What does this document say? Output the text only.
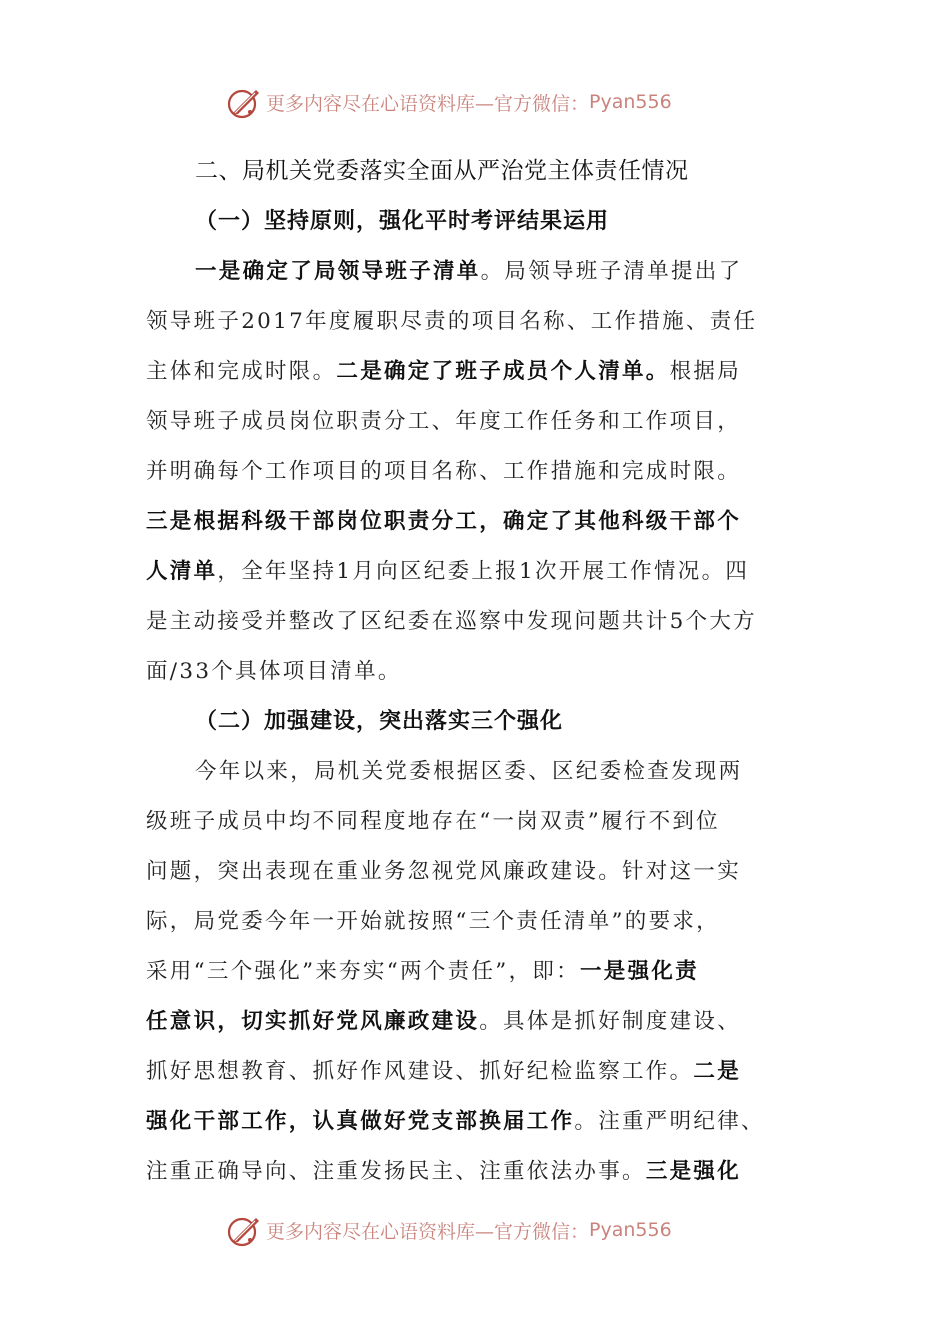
更多内容尽在心语资料库—官方微信： Pyan556
二、局机关党委落实全面从严治党主体责任情况
（一）坚持原则，强化平时考评结果运用
一是确定了局领导班子清单。局领导班子清单提出了
领导班子2017年度履职尽责的项目名称、工作措施、责任
主体和完成时限。二是确定了班子成员个人清单。根据局
领导班子成员岗位职责分工、年度工作任务和工作项目，
并明确每个工作项目的项目名称、工作措施和完成时限。
三是根据科级干部岗位职责分工，确定了其他科级干部个
人清单，全年坚持1月向区纪委上报1次开展工作情况。四
是主动接受并整改了区纪委在巡察中发现问题共计5个大方
面/33个具体项目清单。
（二）加强建设，突出落实三个强化
今年以来，局机关党委根据区委、区纪委检查发现两
级班子成员中均不同程度地存在“一岗双责”履行不到位
问题，突出表现在重业务忽视党风廉政建设。针对这一实
际，局党委今年一开始就按照“三个责任清单”的要求，
采用“三个强化”来夯实“两个责任”，即：一是强化责
任意识，切实抓好党风廉政建设。具体是抓好制度建设、
抓好思想教育、抓好作风建设、抓好纪检监察工作。二是
强化干部工作，认真做好党支部换届工作。注重严明纪律、
注重正确导向、注重发扬民主、注重依法办事。三是强化
更多内容尽在心语资料库—官方微信： Pyan556
